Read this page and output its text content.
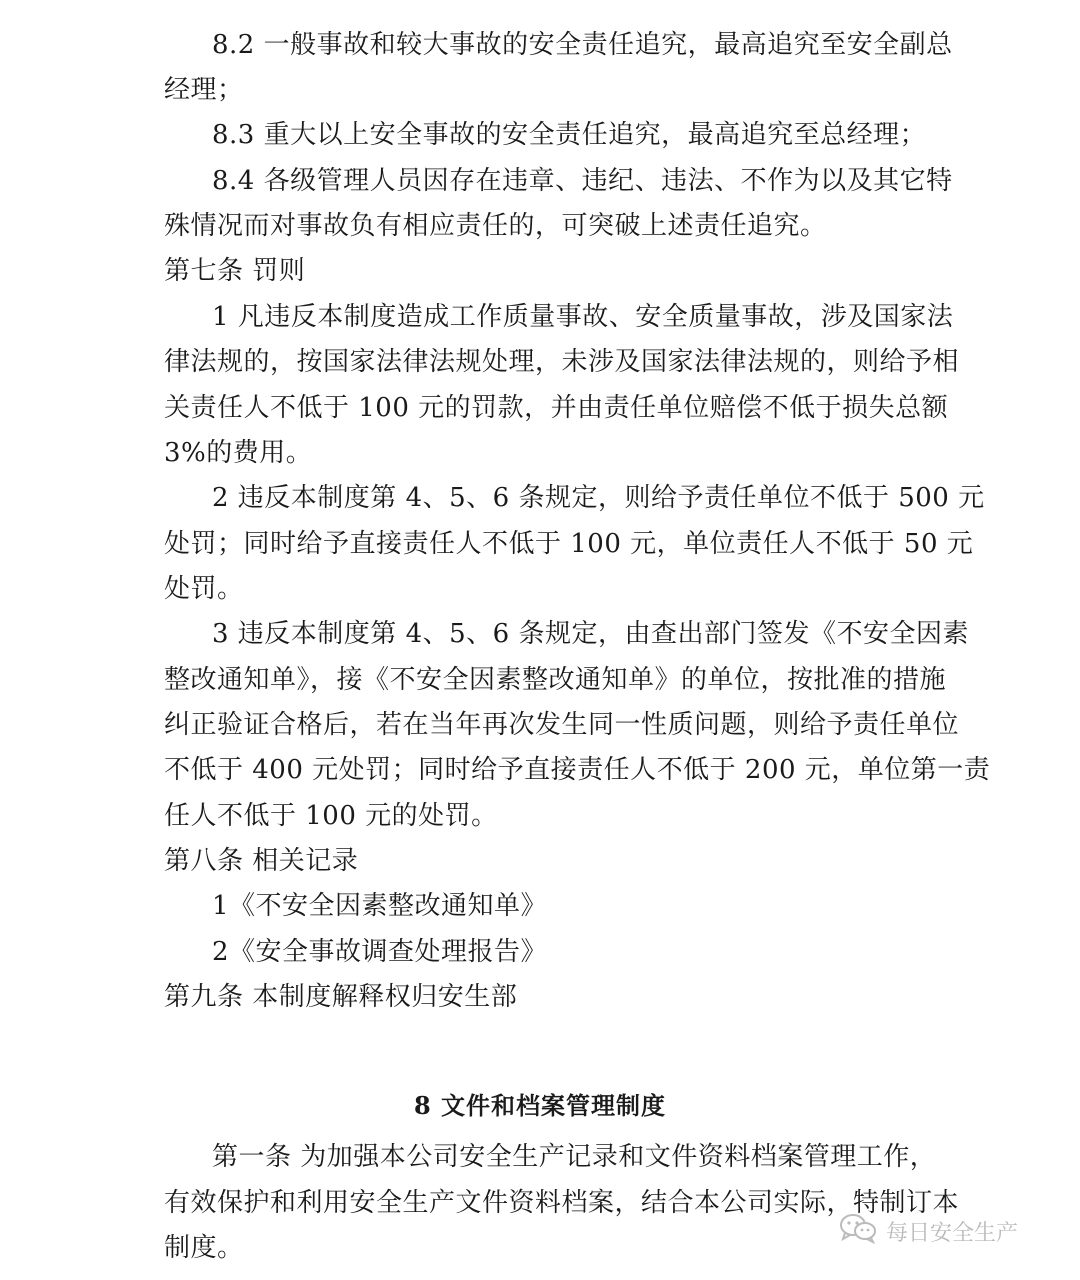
8.2 一般事故和较大事故的安全责任追究，最高追究至安全副总
经理；
8.3 重大以上安全事故的安全责任追究，最高追究至总经理；
8.4 各级管理人员因存在违章、违纪、违法、不作为以及其它特
殊情况而对事故负有相应责任的，可突破上述责任追究。
第七条 罚则
1 凡违反本制度造成工作质量事故、安全质量事故，涉及国家法
律法规的，按国家法律法规处理，未涉及国家法律法规的，则给予相
关责任人不低于 100 元的罚款，并由责任单位赔偿不低于损失总额
3%的费用。
2 违反本制度第 4、5、6 条规定，则给予责任单位不低于 500 元
处罚；同时给予直接责任人不低于 100 元，单位责任人不低于 50 元
处罚。
3 违反本制度第 4、5、6 条规定，由查出部门签发《不安全因素
整改通知单》，接《不安全因素整改通知单》的单位，按批准的措施
纠正验证合格后，若在当年再次发生同一性质问题，则给予责任单位
不低于 400 元处罚；同时给予直接责任人不低于 200 元，单位第一责
任人不低于 100 元的处罚。
第八条 相关记录
1《不安全因素整改通知单》
2《安全事故调查处理报告》
第九条 本制度解释权归安生部
8 文件和档案管理制度
第一条 为加强本公司安全生产记录和文件资料档案管理工作，
有效保护和利用安全生产文件资料档案，结合本公司实际，特制订本
制度。	每日安全生产
